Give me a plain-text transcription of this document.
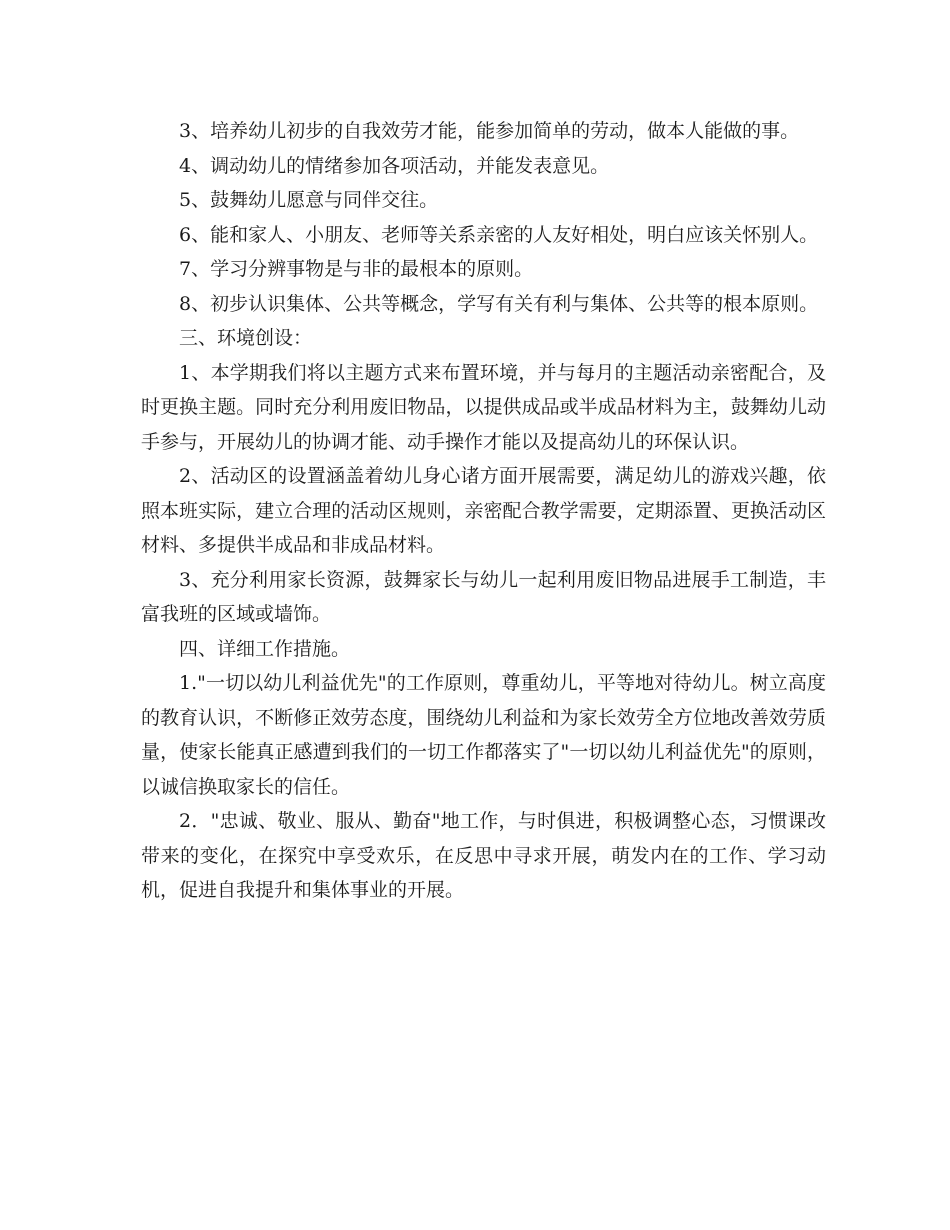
3、培养幼儿初步的自我效劳才能，能参加简单的劳动，做本人能做的事。

4、调动幼儿的情绪参加各项活动，并能发表意见。

5、鼓舞幼儿愿意与同伴交往。

6、能和家人、小朋友、老师等关系亲密的人友好相处，明白应该关怀别人。

7、学习分辨事物是与非的最根本的原则。

8、初步认识集体、公共等概念，学写有关有利与集体、公共等的根本原则。

三、环境创设：

1、本学期我们将以主题方式来布置环境，并与每月的主题活动亲密配合，及时更换主题。同时充分利用废旧物品，以提供成品或半成品材料为主，鼓舞幼儿动手参与，开展幼儿的协调才能、动手操作才能以及提高幼儿的环保认识。

2、活动区的设置涵盖着幼儿身心诸方面开展需要，满足幼儿的游戏兴趣，依照本班实际，建立合理的活动区规则，亲密配合教学需要，定期添置、更换活动区材料、多提供半成品和非成品材料。

3、充分利用家长资源，鼓舞家长与幼儿一起利用废旧物品进展手工制造，丰富我班的区域或墙饰。

四、详细工作措施。

1."一切以幼儿利益优先"的工作原则，尊重幼儿，平等地对待幼儿。树立高度的教育认识，不断修正效劳态度，围绕幼儿利益和为家长效劳全方位地改善效劳质量，使家长能真正感遭到我们的一切工作都落实了"一切以幼儿利益优先"的原则，以诚信换取家长的信任。

2．"忠诚、敬业、服从、勤奋"地工作，与时俱进，积极调整心态，习惯课改带来的变化，在探究中享受欢乐，在反思中寻求开展，萌发内在的工作、学习动机，促进自我提升和集体事业的开展。
